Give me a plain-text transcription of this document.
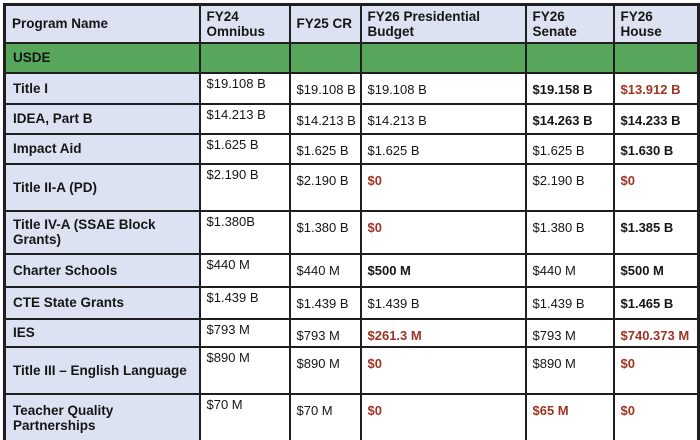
Program Name	FY24 Omnibus	FY25 CR	FY26 Presidential Budget	FY26 Senate	FY26 House
USDE					
Title I	$19.108 B	$19.108 B	$19.108 B	$19.158 B	$13.912 B
IDEA, Part B	$14.213 B	$14.213 B	$14.213 B	$14.263 B	$14.233 B
Impact Aid	$1.625 B	$1.625 B	$1.625 B	$1.625 B	$1.630 B
Title II-A (PD)	$2.190 B	$2.190 B	$0	$2.190 B	$0
Title IV-A (SSAE Block Grants)	$1.380B	$1.380 B	$0	$1.380 B	$1.385 B
Charter Schools	$440 M	$440 M	$500 M	$440 M	$500 M
CTE State Grants	$1.439 B	$1.439 B	$1.439 B	$1.439 B	$1.465 B
IES	$793 M	$793 M	$261.3 M	$793 M	$740.373 M
Title III – English Language	$890 M	$890 M	$0	$890 M	$0
Teacher Quality Partnerships	$70 M	$70 M	$0	$65 M	$0
